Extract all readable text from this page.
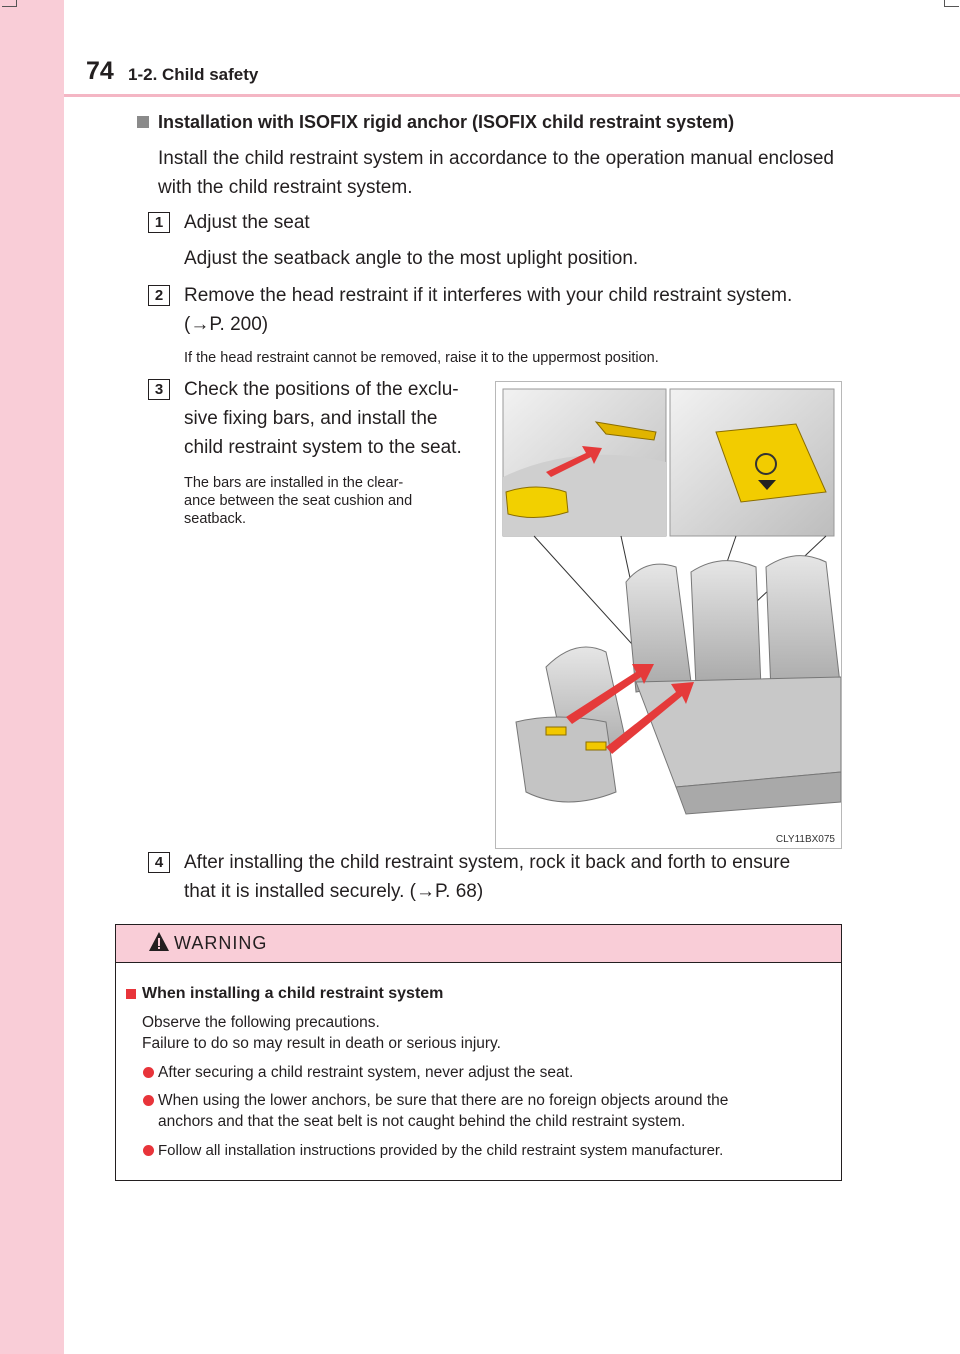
74 1-2. Child safety
Installation with ISOFIX rigid anchor (ISOFIX child restraint system)
Install the child restraint system in accordance to the operation manual enclosed with the child restraint system.
1	Adjust the seat
Adjust the seatback angle to the most uplight position.
2	Remove the head restraint if it interferes with your child restraint system.
(→P. 200)
If the head restraint cannot be removed, raise it to the uppermost position.
3	Check the positions of the exclu-
sive fixing bars, and install the
child restraint system to the seat.
The bars are installed in the clear-
ance between the seat cushion and
seatback.
CLY11BX075
4	After installing the child restraint system, rock it back and forth to ensure
that it is installed securely. (→P. 68)
WARNING
When installing a child restraint system
Observe the following precautions.
Failure to do so may result in death or serious injury.
After securing a child restraint system, never adjust the seat.
When using the lower anchors, be sure that there are no foreign objects around the
anchors and that the seat belt is not caught behind the child restraint system.
Follow all installation instructions provided by the child restraint system manufacturer.
